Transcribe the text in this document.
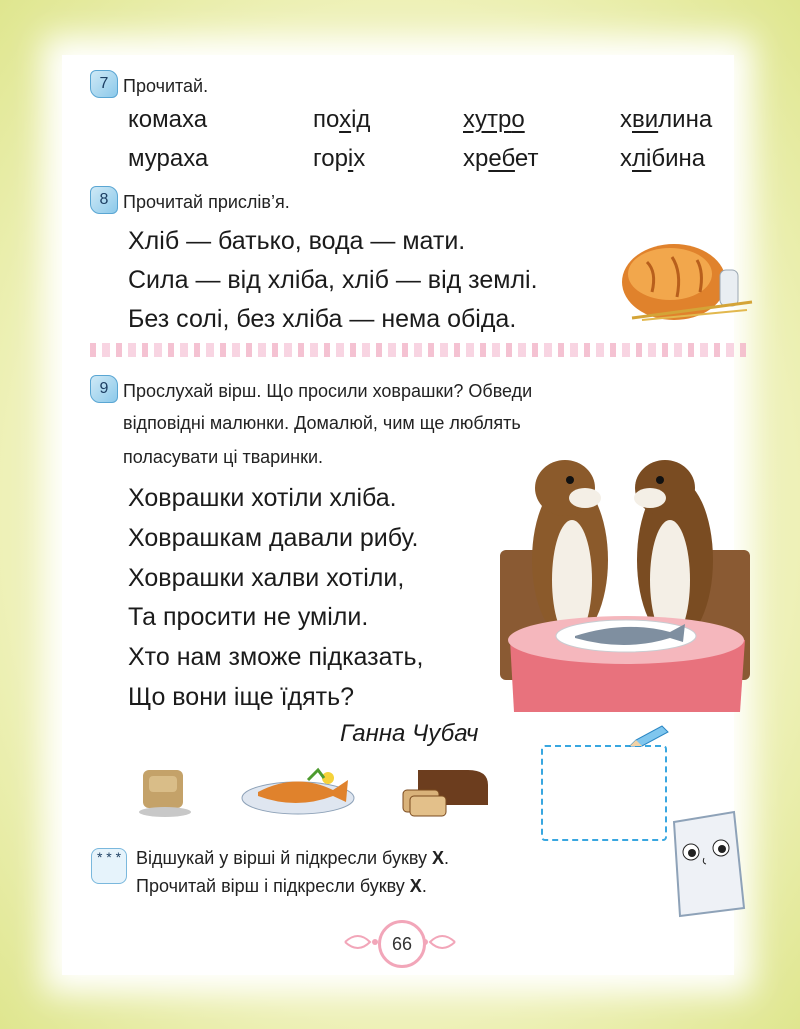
7 Прочитай.
комаха	похід	хутро	хвилина
мураха	горіх	хребет	хлібина
8 Прочитай прислів’я.
Хліб — батько, вода — мати.
Сила — від хліба, хліб — від землі.
Без солі, без хліба — нема обіда.
9 Прослухай вірш. Що просили ховрашки? Обведи
відповідні малюнки. Домалюй, чим ще люблять
поласувати ці тваринки.
Ховрашки хотіли хліба.
Ховрашкам давали рибу.
Ховрашки халви хотіли,
Та просити не уміли.
Хто нам зможе підказать,
Що вони іще їдять?
Ганна Чубач
* * * Відшукай у вірші й підкресли букву Х.
Прочитай вірш і підкресли букву Х.
66
